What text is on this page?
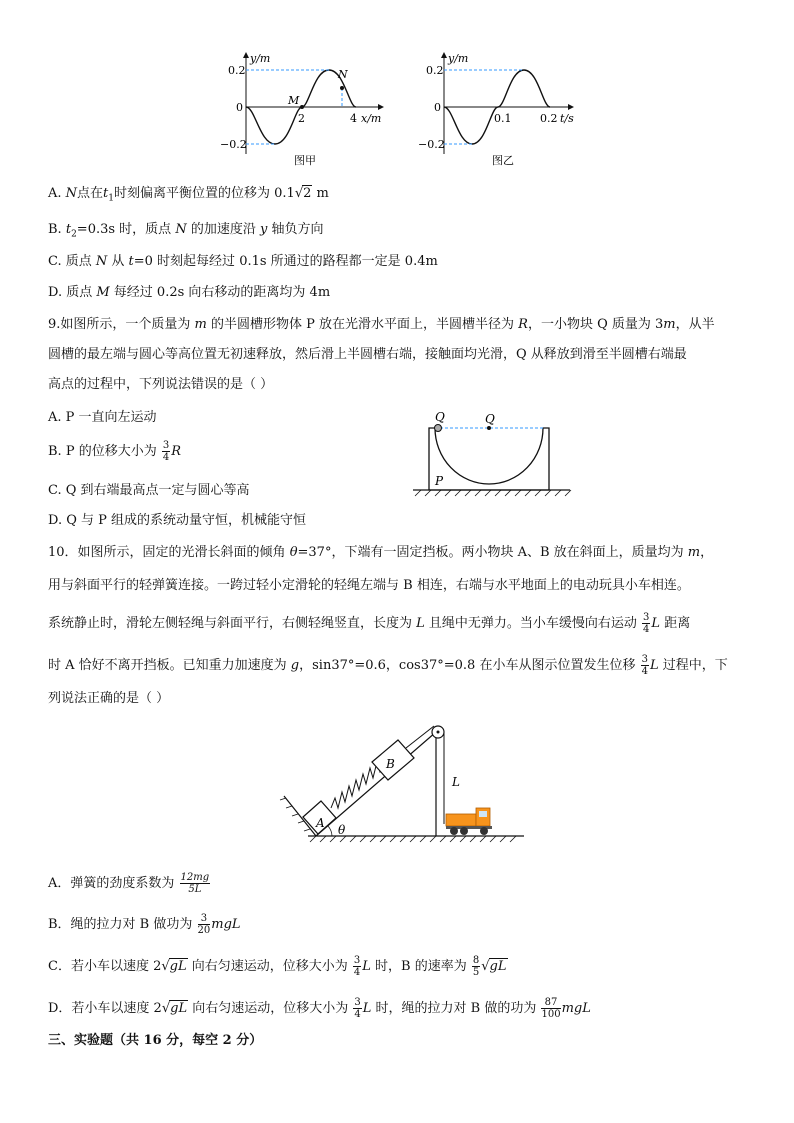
y/m
0.2
0
−0.2
2	4 x/m
M
N
图甲
y/m
0.2
0
−0.2
0.1	0.2 t/s
图乙
A. N点在$t_1$时刻偏离平衡位置的位移为 0.1√2 m
B. $t_2=0.3s$ 时，质点 N 的加速度沿 y 轴负方向
C. 质点 N 从 t=0 时刻起每经过 0.1s 所通过的路程都一定是 0.4m
D. 质点 M 每经过 0.2s 向右移动的距离均为 4m
9.如图所示，一个质量为 m 的半圆槽形物体 P 放在光滑水平面上，半圆槽半径为 R，一小物块 Q 质量为 3m，从半
圆槽的最左端与圆心等高位置无初速释放，然后滑上半圆槽右端，接触面均光滑，Q 从释放到滑至半圆槽右端最
高点的过程中，下列说法错误的是（ ）
A. P 一直向左运动
B. P 的位移大小为 $\frac{3}{4}$ R
C. Q 到右端最高点一定与圆心等高
D. Q 与 P 组成的系统动量守恒，机械能守恒
Q	Q
P
10．如图所示，固定的光滑长斜面的倾角 θ=37°，下端有一固定挡板。两小物块 A、B 放在斜面上，质量均为 m，
用与斜面平行的轻弹簧连接。一跨过轻小定滑轮的轻绳左端与 B 相连，右端与水平地面上的电动玩具小车相连。
系统静止时，滑轮左侧轻绳与斜面平行，右侧轻绳竖直，长度为 L 且绳中无弹力。当小车缓慢向右运动 $\frac{3}{4}$ L 距离
时 A 恰好不离开挡板。已知重力加速度为 g，sin37°=0.6，cos37°=0.8 在小车从图示位置发生位移 $\frac{3}{4}$ L 过程中，下
列说法正确的是（ ）
A
B
L
θ
A．弹簧的劲度系数为 $\frac{12mg}{5L}$
B．绳的拉力对 B 做功为 $\frac{3}{20}$ mgL
C．若小车以速度 2√gL 向右匀速运动，位移大小为 $\frac{3}{4}$ L 时，B 的速率为 $\frac{8}{5} √gL$
D．若小车以速度 2√gL 向右匀速运动，位移大小为 $\frac{3}{4}$ L 时，绳的拉力对 B 做的功为 $\frac{87}{100}$ mgL
三、实验题（共 16 分，每空 2 分）
